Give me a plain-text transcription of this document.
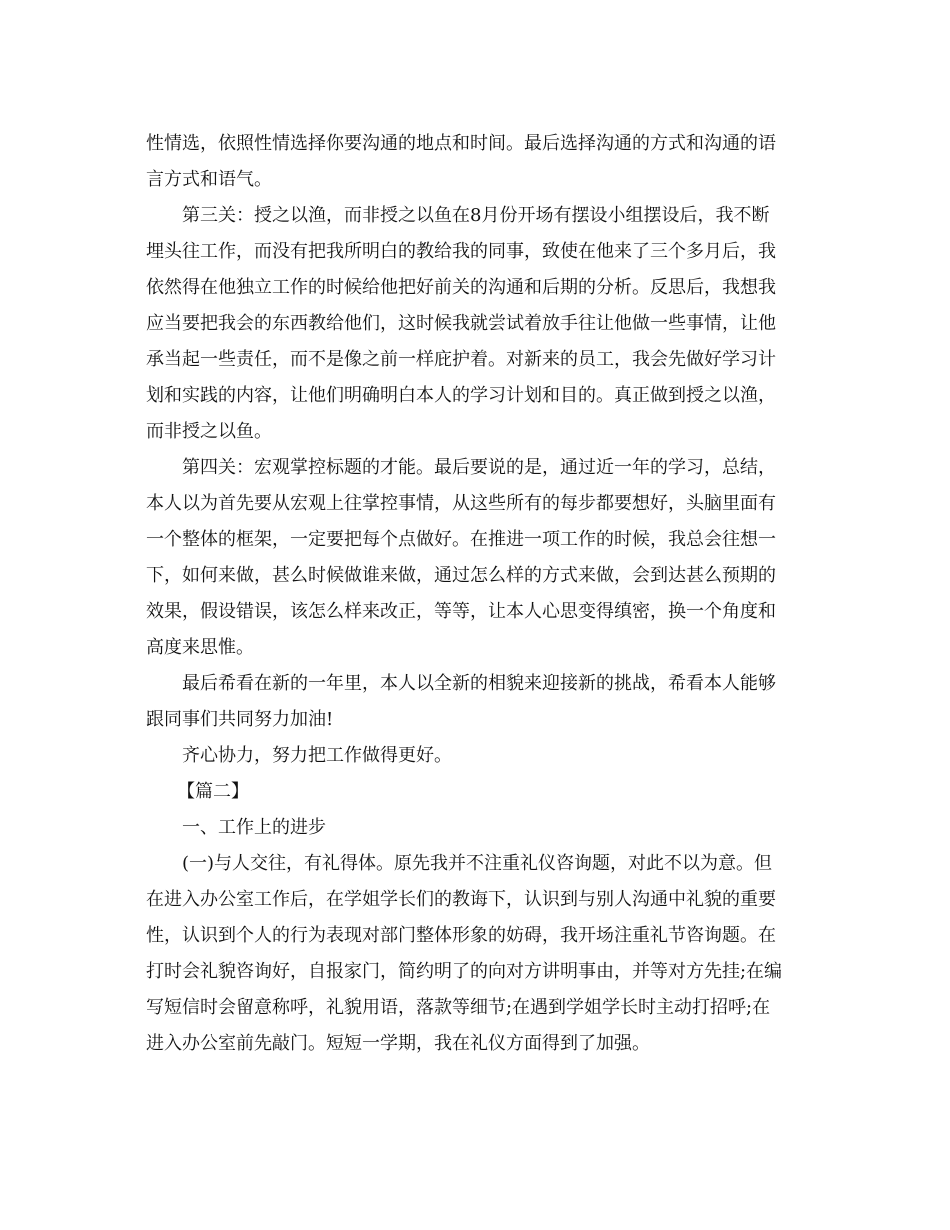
性情选，依照性情选择你要沟通的地点和时间。最后选择沟通的方式和沟通的语
言方式和语气。
第三关：授之以渔，而非授之以鱼在8月份开场有摆设小组摆设后，我不断
埋头往工作，而没有把我所明白的教给我的同事，致使在他来了三个多月后，我
依然得在他独立工作的时候给他把好前关的沟通和后期的分析。反思后，我想我
应当要把我会的东西教给他们，这时候我就尝试着放手往让他做一些事情，让他
承当起一些责任，而不是像之前一样庇护着。对新来的员工，我会先做好学习计
划和实践的内容，让他们明确明白本人的学习计划和目的。真正做到授之以渔，
而非授之以鱼。
第四关：宏观掌控标题的才能。最后要说的是，通过近一年的学习，总结，
本人以为首先要从宏观上往掌控事情，从这些所有的每步都要想好，头脑里面有
一个整体的框架，一定要把每个点做好。在推进一项工作的时候，我总会往想一
下，如何来做，甚么时候做谁来做，通过怎么样的方式来做，会到达甚么预期的
效果，假设错误，该怎么样来改正，等等，让本人心思变得缜密，换一个角度和
高度来思惟。
最后希看在新的一年里，本人以全新的相貌来迎接新的挑战，希看本人能够
跟同事们共同努力加油!
齐心协力，努力把工作做得更好。
【篇二】
一、工作上的进步
(一)与人交往，有礼得体。原先我并不注重礼仪咨询题，对此不以为意。但
在进入办公室工作后，在学姐学长们的教诲下，认识到与别人沟通中礼貌的重要
性，认识到个人的行为表现对部门整体形象的妨碍，我开场注重礼节咨询题。在
打时会礼貌咨询好，自报家门，简约明了的向对方讲明事由，并等对方先挂;在编
写短信时会留意称呼，礼貌用语，落款等细节;在遇到学姐学长时主动打招呼;在
进入办公室前先敲门。短短一学期，我在礼仪方面得到了加强。
